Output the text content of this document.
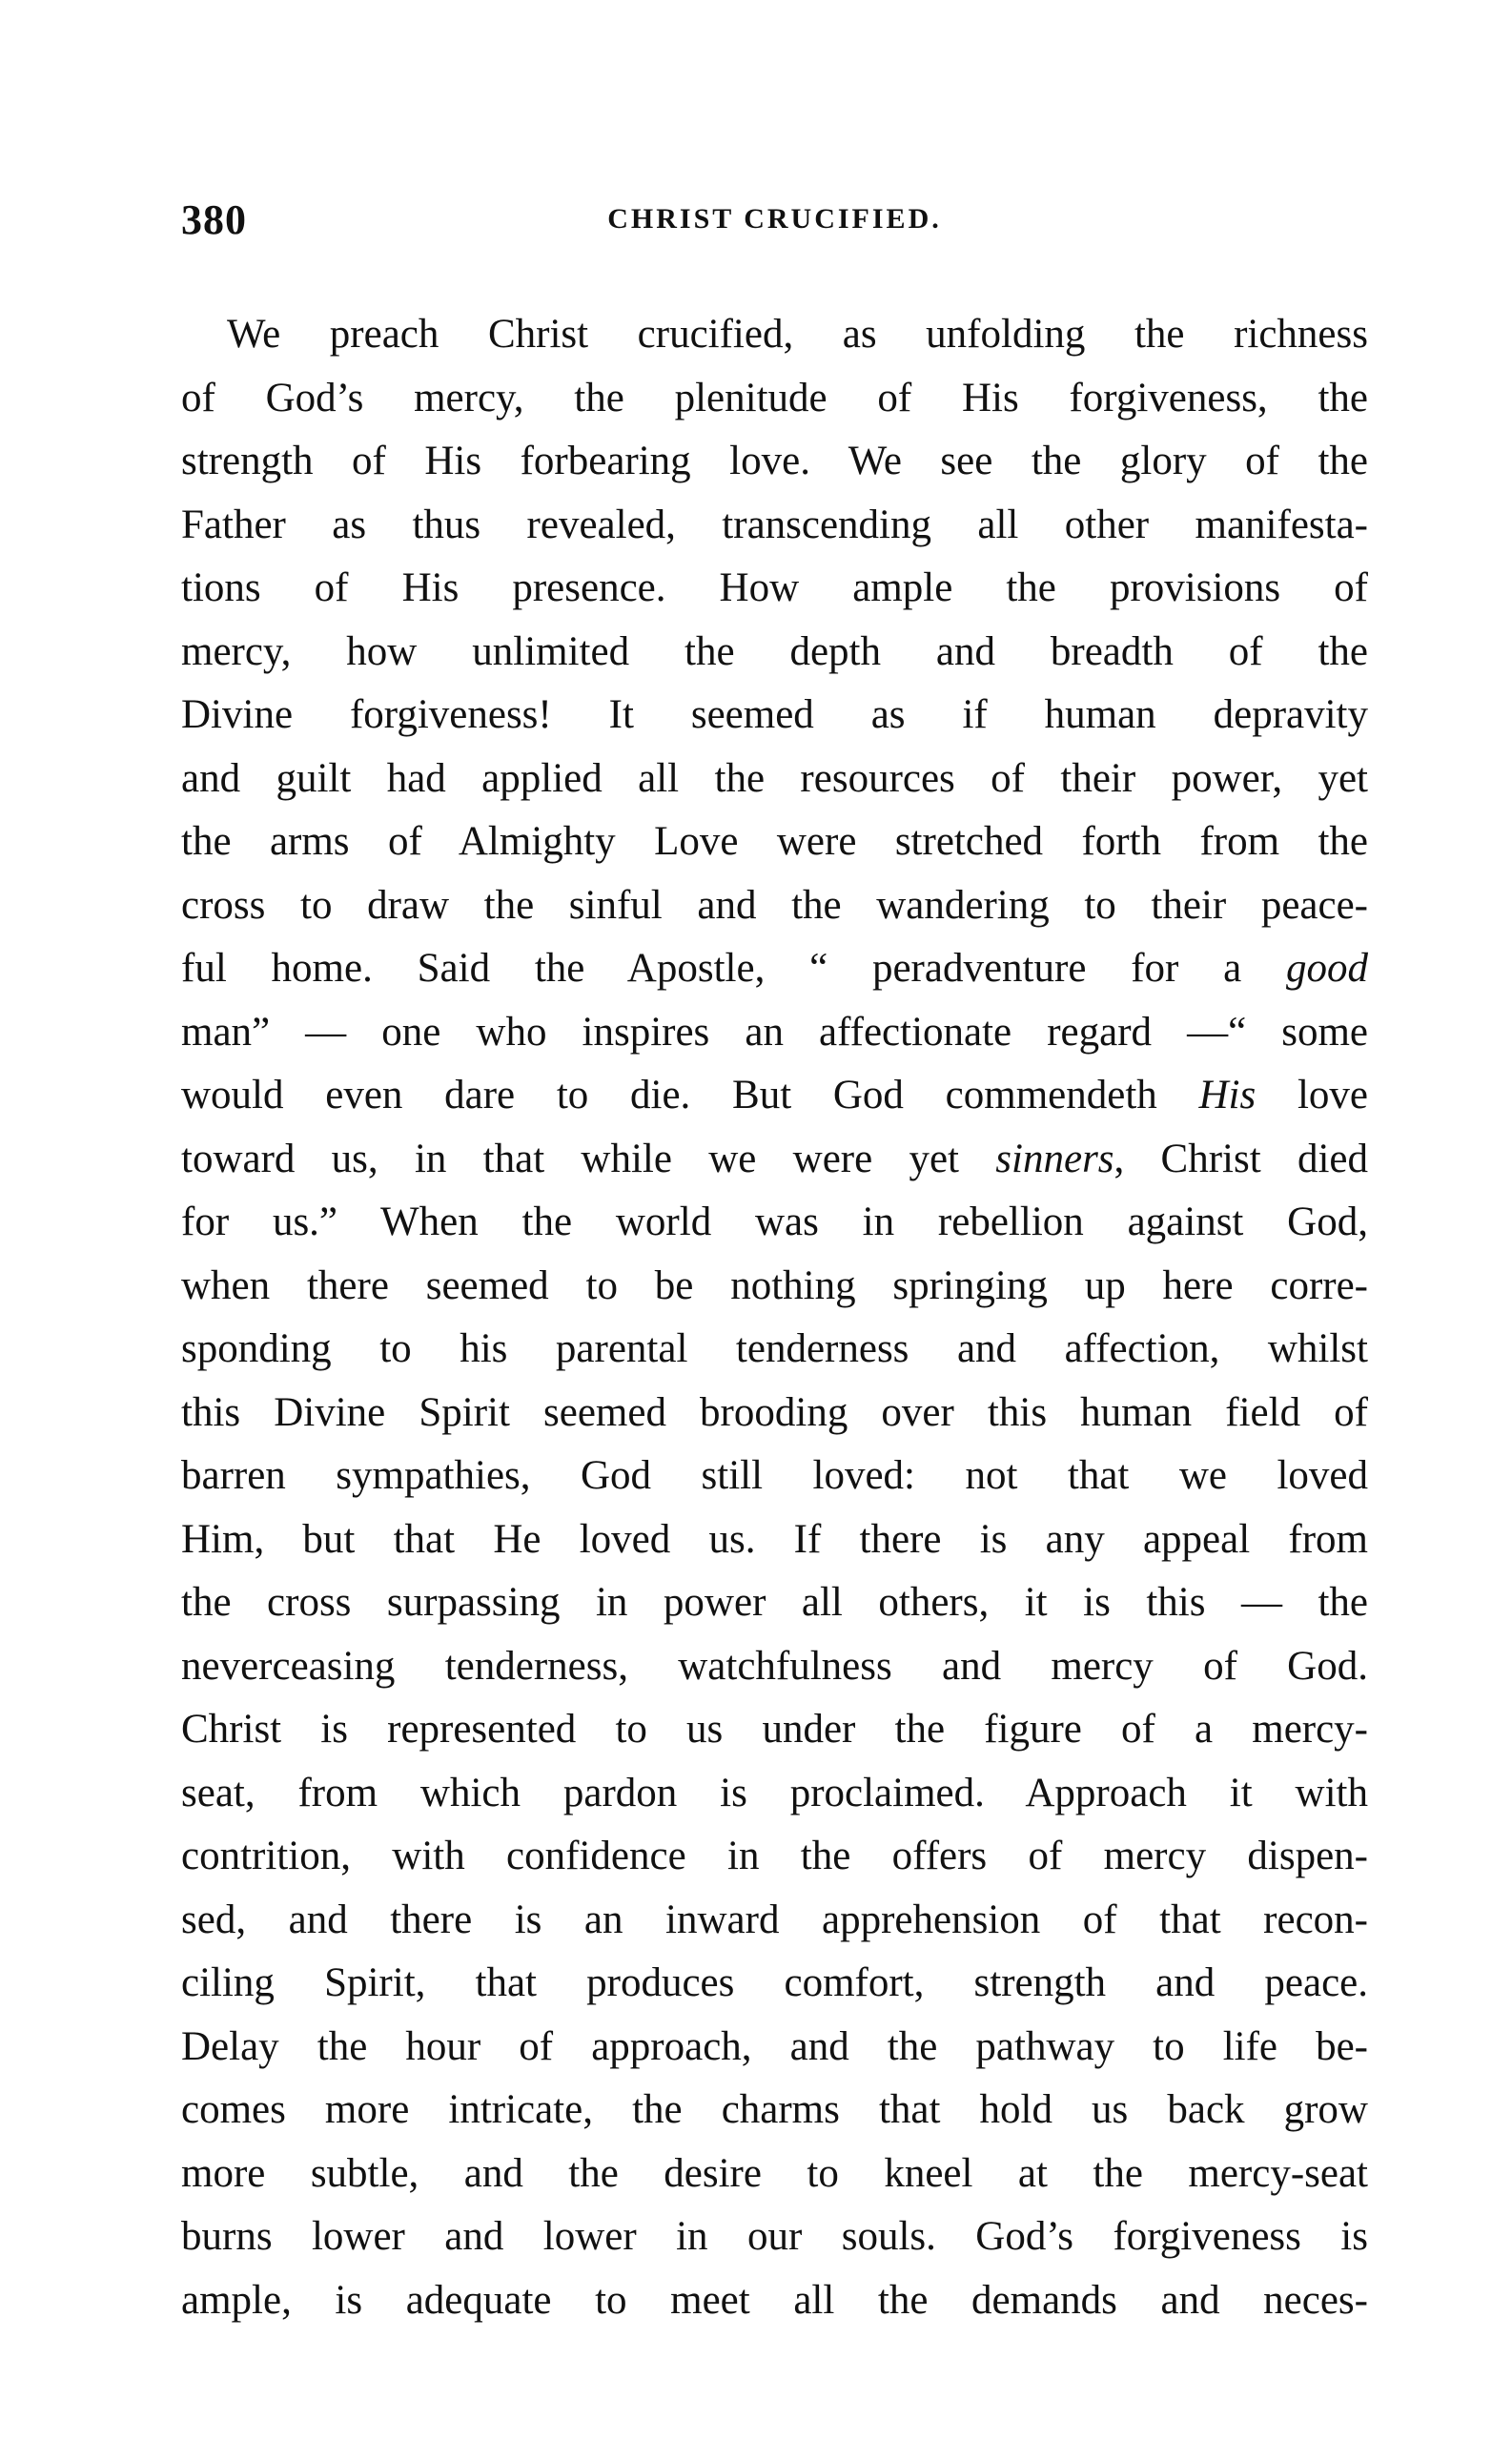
380	CHRIST CRUCIFIED.
We preach Christ crucified, as unfolding the richness
of God’s mercy, the plenitude of His forgiveness, the
strength of His forbearing love. We see the glory of the
Father as thus revealed, transcending all other manifesta-
tions of His presence. How ample the provisions of
mercy, how unlimited the depth and breadth of the
Divine forgiveness! It seemed as if human depravity
and guilt had applied all the resources of their power, yet
the arms of Almighty Love were stretched forth from the
cross to draw the sinful and the wandering to their peace-
ful home. Said the Apostle, “ peradventure for a good
man” — one who inspires an affectionate regard —“ some
would even dare to die. But God commendeth His love
toward us, in that while we were yet sinners, Christ died
for us.” When the world was in rebellion against God,
when there seemed to be nothing springing up here corre-
sponding to his parental tenderness and affection, whilst
this Divine Spirit seemed brooding over this human field of
barren sympathies, God still loved: not that we loved
Him, but that He loved us. If there is any appeal from
the cross surpassing in power all others, it is this — the
neverceasing tenderness, watchfulness and mercy of God.
Christ is represented to us under the figure of a mercy-
seat, from which pardon is proclaimed. Approach it with
contrition, with confidence in the offers of mercy dispen-
sed, and there is an inward apprehension of that recon-
ciling Spirit, that produces comfort, strength and peace.
Delay the hour of approach, and the pathway to life be-
comes more intricate, the charms that hold us back grow
more subtle, and the desire to kneel at the mercy-seat
burns lower and lower in our souls. God’s forgiveness is
ample, is adequate to meet all the demands and neces-
